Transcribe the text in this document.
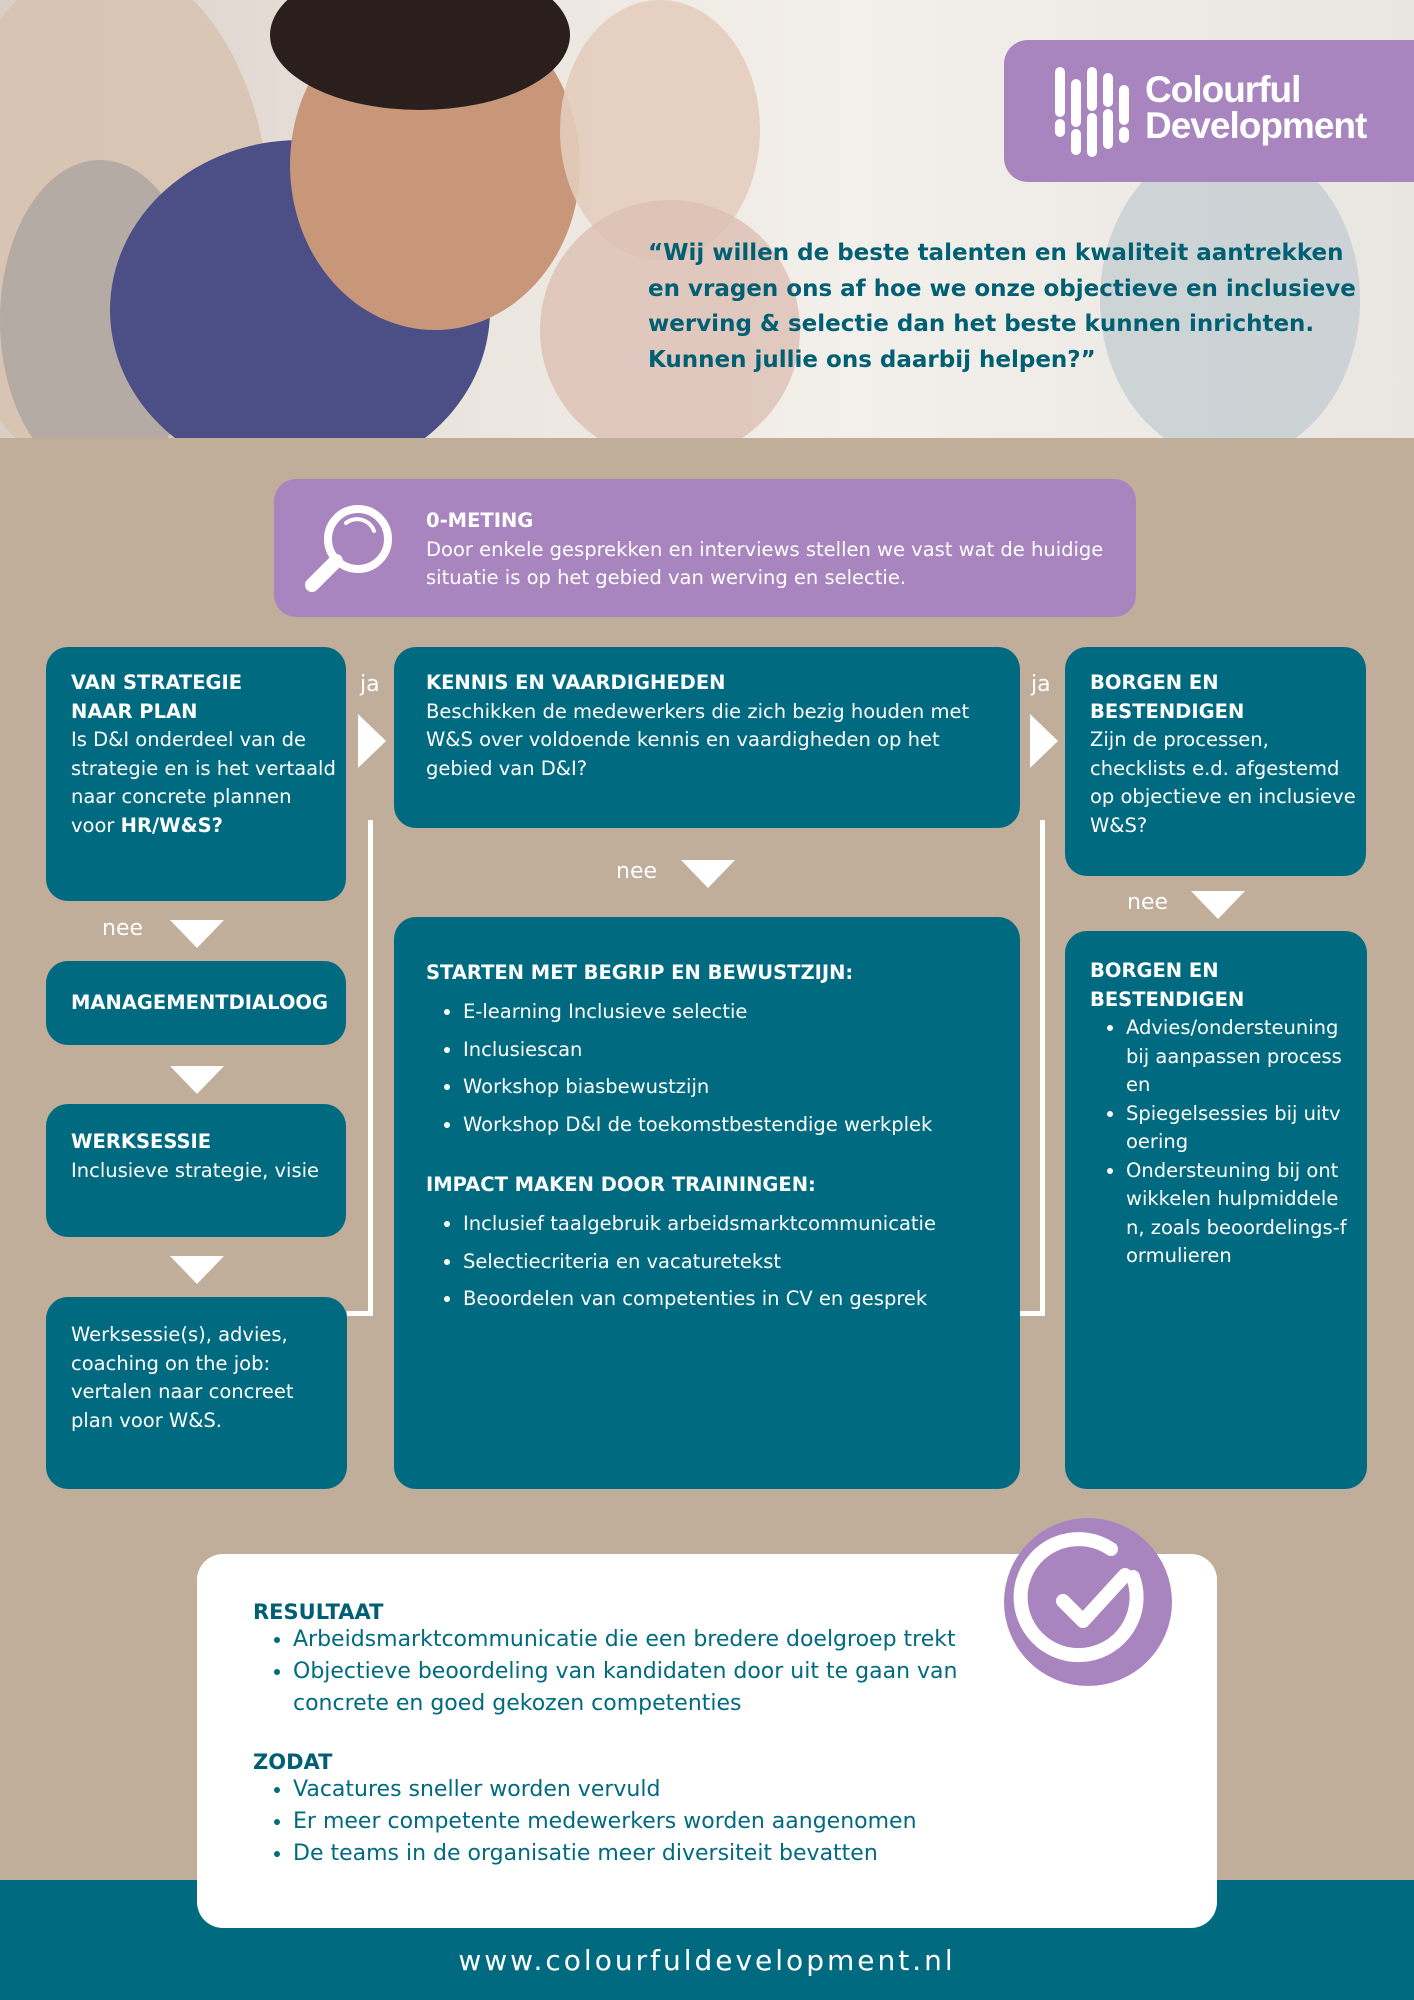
Colourful
Development
“Wij willen de beste talenten en kwaliteit aantrekken en vragen ons af hoe we onze objectieve en inclusieve werving & selectie dan het beste kunnen inrichten. Kunnen jullie ons daarbij helpen?”
0-METING
Door enkele gesprekken en interviews stellen we vast wat de huidige situatie is op het gebied van werving en selectie.
VAN STRATEGIE
NAAR PLAN
Is D&I onderdeel van de strategie en is het vertaald naar concrete plannen voor HR/W&S?
nee
MANAGEMENTDIALOOG
WERKSESSIE
Inclusieve strategie, visie
Werksessie(s), advies, coaching on the job: vertalen naar concreet plan voor W&S.
ja KENNIS EN VAARDIGHEDEN
Beschikken de medewerkers die zich bezig houden met W&S over voldoende kennis en vaardigheden op het gebied van D&I?
nee
STARTEN MET BEGRIP EN BEWUSTZIJN:
• E-learning Inclusieve selectie
• Inclusiescan
• Workshop biasbewustzijn
• Workshop D&I de toekomstbestendige werkplek
IMPACT MAKEN DOOR TRAININGEN:
• Inclusief taalgebruik arbeidsmarktcommunicatie
• Selectiecriteria en vacaturetekst
• Beoordelen van competenties in CV en gesprek
ja BORGEN EN
BESTENDIGEN
Zijn de processen, checklists e.d. afgestemd op objectieve en inclusieve W&S?
nee
BORGEN EN
BESTENDIGEN
• Advies/ondersteuning bij aanpassen processen
• Spiegelsessies bij uitvoering
• Ondersteuning bij ontwikkelen hulpmiddelen, zoals beoordelings-formulieren
RESULTAAT
• Arbeidsmarktcommunicatie die een bredere doelgroep trekt
• Objectieve beoordeling van kandidaten door uit te gaan van concrete en goed gekozen competenties
ZODAT
• Vacatures sneller worden vervuld
• Er meer competente medewerkers worden aangenomen
• De teams in de organisatie meer diversiteit bevatten
www.colourfuldevelopment.nl
